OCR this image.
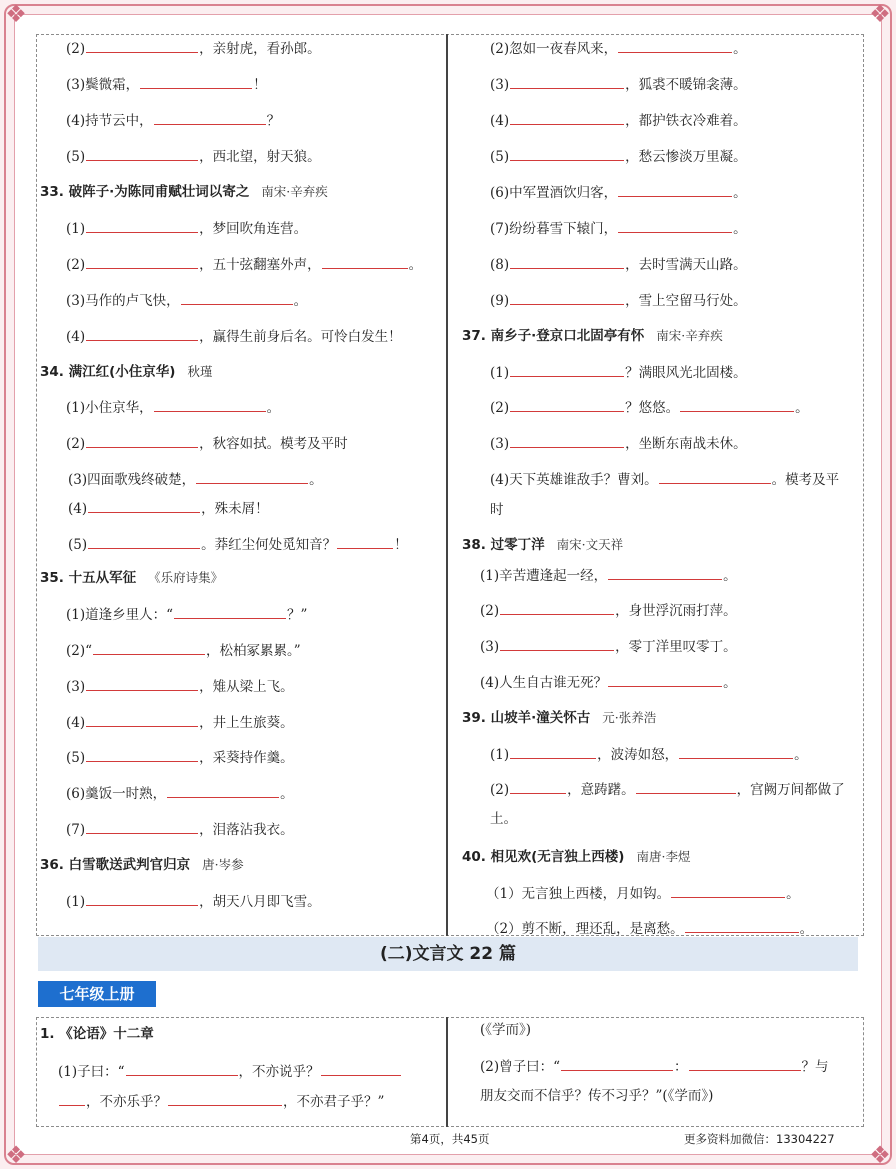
❖	❖
❖	❖
(2)	，亲射虎，看孙郎。
(3)鬓微霜，	！
(4)持节云中，	？
(5)	，西北望，射天狼。
33. 破阵子·为陈同甫赋壮词以寄之 南宋·辛弃疾
(1)	，梦回吹角连营。
(2)	，五十弦翻塞外声，	。
(3)马作的卢飞快，	。
(4)	，赢得生前身后名。可怜白发生！
34. 满江红(小住京华) 秋瑾
(1)小住京华，	。
(2)	，秋容如拭。模考及平时
(3)四面歌残终破楚，	。
(4)	，殊未屑！
(5)	。莽红尘何处觅知音？	！
35. 十五从军征 《乐府诗集》
(1)道逢乡里人：“	？”
(2)“	，松柏冢累累。”
(3)	，雉从梁上飞。
(4)	，井上生旅葵。
(5)	，采葵持作羹。
(6)羹饭一时熟，	。
(7)	，泪落沾我衣。
36. 白雪歌送武判官归京 唐·岑参
(1)	，胡天八月即飞雪。
(2)忽如一夜春风来，	。
(3)	，狐裘不暖锦衾薄。
(4)	，都护铁衣冷难着。
(5)	，愁云惨淡万里凝。
(6)中军置酒饮归客，	。
(7)纷纷暮雪下辕门，	。
(8)	，去时雪满天山路。
(9)	，雪上空留马行处。
37. 南乡子·登京口北固亭有怀 南宋·辛弃疾
(1)	？满眼风光北固楼。
(2)	？悠悠。	。
(3)	，坐断东南战未休。
(4)天下英雄谁敌手？曹刘。	。模考及平
时
38. 过零丁洋 南宋·文天祥
(1)辛苦遭逢起一经，	。
(2)	，身世浮沉雨打萍。
(3)	，零丁洋里叹零丁。
(4)人生自古谁无死？	。
39. 山坡羊·潼关怀古 元·张养浩
(1)	，波涛如怒，	。
(2)	，意踌躇。	，宫阙万间都做了
土。
40. 相见欢(无言独上西楼) 南唐·李煜
（1）无言独上西楼，月如钩。	。
（2）剪不断，理还乱，是离愁。	。
(二)文言文 22 篇
七年级上册
1. 《论语》十二章
(1)子曰：“	，不亦说乎？
，不亦乐乎？	，不亦君子乎？”
(《学而》)
(2)曾子曰：“	：	？与
朋友交而不信乎？传不习乎？”(《学而》)
第4页，共45页	更多资料加微信：13304227
